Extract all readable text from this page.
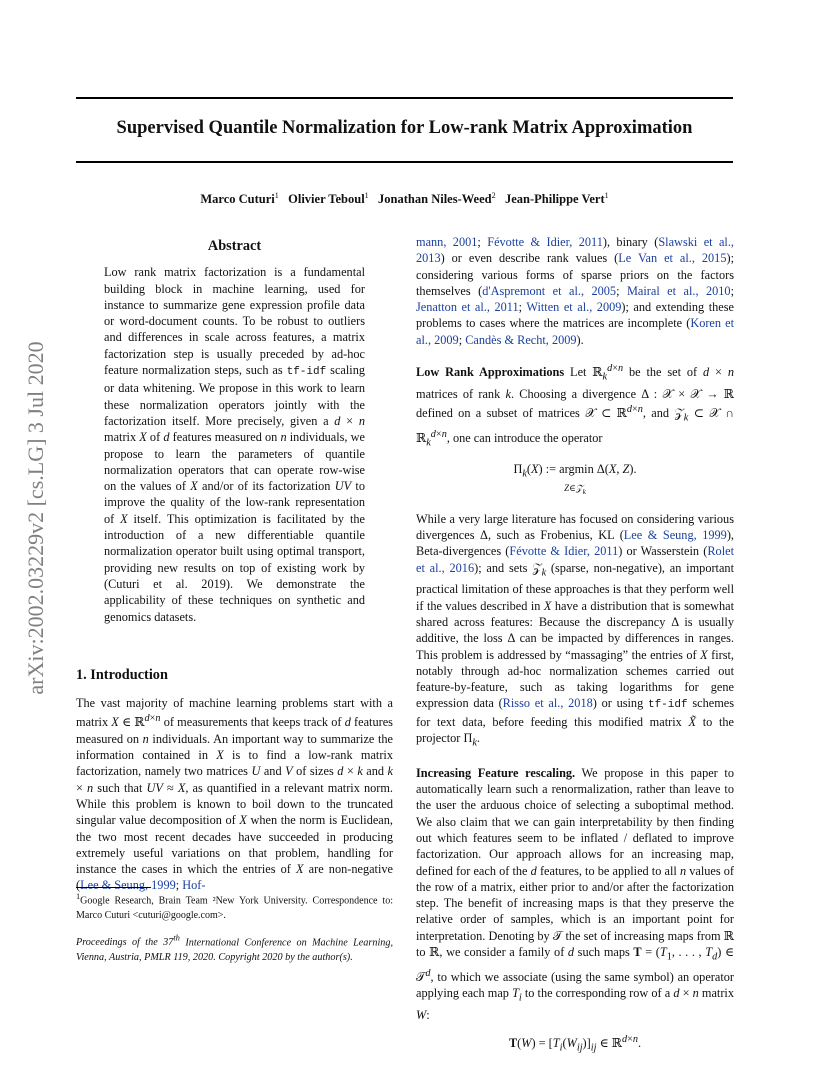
Supervised Quantile Normalization for Low-rank Matrix Approximation
Marco Cuturi$^1$ Olivier Teboul$^1$ Jonathan Niles-Weed$^2$ Jean-Philippe Vert$^1$
arXiv:2002.03229v2 [cs.LG] 3 Jul 2020
Abstract

Low rank matrix factorization is a fundamental building block in machine learning, used for instance to summarize gene expression profile data or word-document counts. To be robust to outliers and differences in scale across features, a matrix factorization step is usually preceded by ad-hoc feature normalization steps, such as tf-idf scaling or data whitening. We propose in this work to learn these normalization operators jointly with the factorization itself. More precisely, given a d × n matrix X of d features measured on n individuals, we propose to learn the parameters of quantile normalization operators that can operate row-wise on the values of X and/or of its factorization UV to improve the quality of the low-rank representation of X itself. This optimization is facilitated by the introduction of a new differentiable quantile normalization operator built using optimal transport, providing new results on top of existing work by (Cuturi et al. 2019). We demonstrate the applicability of these techniques on synthetic and genomics datasets.

1. Introduction

The vast majority of machine learning problems start with a matrix X ∈ ℝ$^{d\times n}$ of measurements that keeps track of d features measured on n individuals. An important way to summarize the information contained in X is to find a low-rank matrix factorization, namely two matrices U and V of sizes d × k and k × n such that UV ≈ X, as quantified in a relevant matrix norm. While this problem is known to boil down to the truncated singular value decomposition of X when the norm is Euclidean, the two most recent decades have succeeded in producing extremely useful variations on that problem, handling for instance the cases in which the entries of X are non-negative (Lee & Seung, 1999; Hof-

$^1$Google Research, Brain Team ²New York University. Correspondence to: Marco Cuturi <cuturi@google.com>.
Proceedings of the 37th International Conference on Machine Learning, Vienna, Austria, PMLR 119, 2020. Copyright 2020 by the author(s).

mann, 2001; Févotte & Idier, 2011), binary (Slawski et al., 2013) or even describe rank values (Le Van et al., 2015); considering various forms of sparse priors on the factors themselves (d'Aspremont et al., 2005; Mairal et al., 2010; Jenatton et al., 2011; Witten et al., 2009); and extending these problems to cases where the matrices are incomplete (Koren et al., 2009; Candès & Recht, 2009).

Low Rank Approximations Let ℝ$_k^{d\times n}$ be the set of d × n matrices of rank k. Choosing a divergence Δ : 𝒳 × 𝒳 → ℝ defined on a subset of matrices 𝒳 ⊂ ℝ$^{d\times n}$, and 𝒵$_k$ ⊂ 𝒳 ∩ ℝ$_k^{d\times n}$, one can introduce the operator

$\Pi_k(X)$ := argmin Δ(X, Z).
Z∈𝒵$_k$

While a very large literature has focused on considering various divergences Δ, such as Frobenius, KL (Lee & Seung, 1999), Beta-divergences (Févotte & Idier, 2011) or Wasserstein (Rolet et al., 2016); and sets 𝒵$_k$ (sparse, non-negative), an important practical limitation of these approaches is that they perform well if the values described in X have a distribution that is somewhat shared across features: Because the discrepancy Δ is usually additive, the loss Δ can be impacted by differences in ranges. This problem is addressed by “massaging” the entries of X first, notably through ad-hoc normalization schemes carried out feature-by-feature, such as taking logarithms for gene expression data (Risso et al., 2018) or using tf-idf schemes for text data, before feeding this modified matrix X̃ to the projector $\Pi_k$.

Increasing Feature rescaling. We propose in this paper to automatically learn such a renormalization, rather than leave to the user the arduous choice of selecting a suboptimal method. We also claim that we can gain interpretability by then finding out which features seem to be inflated / deflated to improve factorization. Our approach allows for an increasing map, defined for each of the d features, to be applied to all n values of the row of a matrix, either prior to and/or after the factorization step. The benefit of increasing maps is that they preserve the relative order of samples, which is an important point for interpretation. Denoting by 𝒯 the set of increasing maps from ℝ to ℝ, we consider a family of d such maps $T = (T_1$, . . . , $T_d$) ∈ 𝒯$^d$, to which we associate (using the same symbol) an operator applying each map $T_i$ to the corresponding row of a d × n matrix W:

$T(W) = [T_i(W_{ij})]_{ij}$ ∈ ℝ$^{d\times n}$.
